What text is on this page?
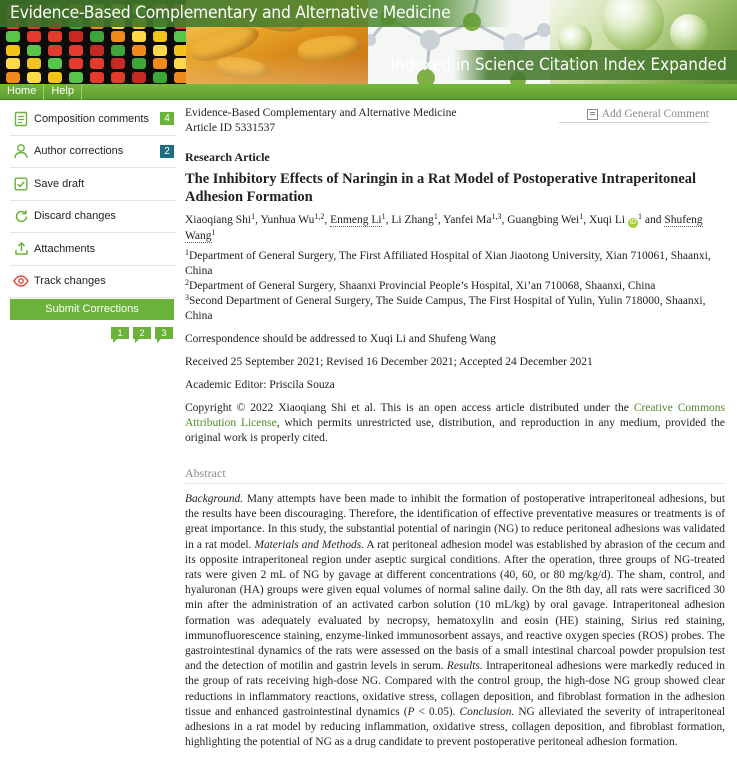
Evidence-Based Complementary and Alternative Medicine
Indexed in Science Citation Index Expanded
Home	Help
Composition comments	4
Author corrections	2
Save draft
Discard changes
Attachments
Track changes
Submit Corrections
1	2	3
Evidence-Based Complementary and Alternative Medicine
Article ID 5331537
Add General Comment
Research Article
The Inhibitory Effects of Naringin in a Rat Model of Postoperative Intraperitoneal Adhesion Formation
Xiaoqiang Shi$^1$, Yunhua Wu$^{1,2}$, Enmeng Li$^1$, Li Zhang$^1$, Yanfei Ma$^{1,3}$, Guangbing Wei$^1$, Xuqi Li $iD^1$ and Shufeng Wang$^1$
$^1$Department of General Surgery, The First Affiliated Hospital of Xian Jiaotong University, Xian 710061, Shaanxi, China
$^2$Department of General Surgery, Shaanxi Provincial People’s Hospital, Xi’an 710068, Shaanxi, China
$^3$Second Department of General Surgery, The Suide Campus, The First Hospital of Yulin, Yulin 718000, Shaanxi, China
Correspondence should be addressed to Xuqi Li and Shufeng Wang
Received 25 September 2021; Revised 16 December 2021; Accepted 24 December 2021
Academic Editor: Priscila Souza
Copyright © 2022 Xiaoqiang Shi et al. This is an open access article distributed under the Creative Commons Attribution License, which permits unrestricted use, distribution, and reproduction in any medium, provided the original work is properly cited.
Abstract
Background. Many attempts have been made to inhibit the formation of postoperative intraperitoneal adhesions, but the results have been discouraging. Therefore, the identification of effective preventative measures or treatments is of great importance. In this study, the substantial potential of naringin (NG) to reduce peritoneal adhesions was validated in a rat model. Materials and Methods. A rat peritoneal adhesion model was established by abrasion of the cecum and its opposite intraperitoneal region under aseptic surgical conditions. After the operation, three groups of NG-treated rats were given 2 mL of NG by gavage at different concentrations (40, 60, or 80 mg/kg/d). The sham, control, and hyaluronan (HA) groups were given equal volumes of normal saline daily. On the 8th day, all rats were sacrificed 30 min after the administration of an activated carbon solution (10 mL/kg) by oral gavage. Intraperitoneal adhesion formation was adequately evaluated by necropsy, hematoxylin and eosin (HE) staining, Sirius red staining, immunofluorescence staining, enzyme-linked immunosorbent assays, and reactive oxygen species (ROS) probes. The gastrointestinal dynamics of the rats were assessed on the basis of a small intestinal charcoal powder propulsion test and the detection of motilin and gastrin levels in serum. Results. Intraperitoneal adhesions were markedly reduced in the group of rats receiving high-dose NG. Compared with the control group, the high-dose NG group showed clear reductions in inflammatory reactions, oxidative stress, collagen deposition, and fibroblast formation in the adhesion tissue and enhanced gastrointestinal dynamics (P < 0.05). Conclusion. NG alleviated the severity of intraperitoneal adhesions in a rat model by reducing inflammation, oxidative stress, collagen deposition, and fibroblast formation, highlighting the potential of NG as a drug candidate to prevent postoperative peritoneal adhesion formation.
